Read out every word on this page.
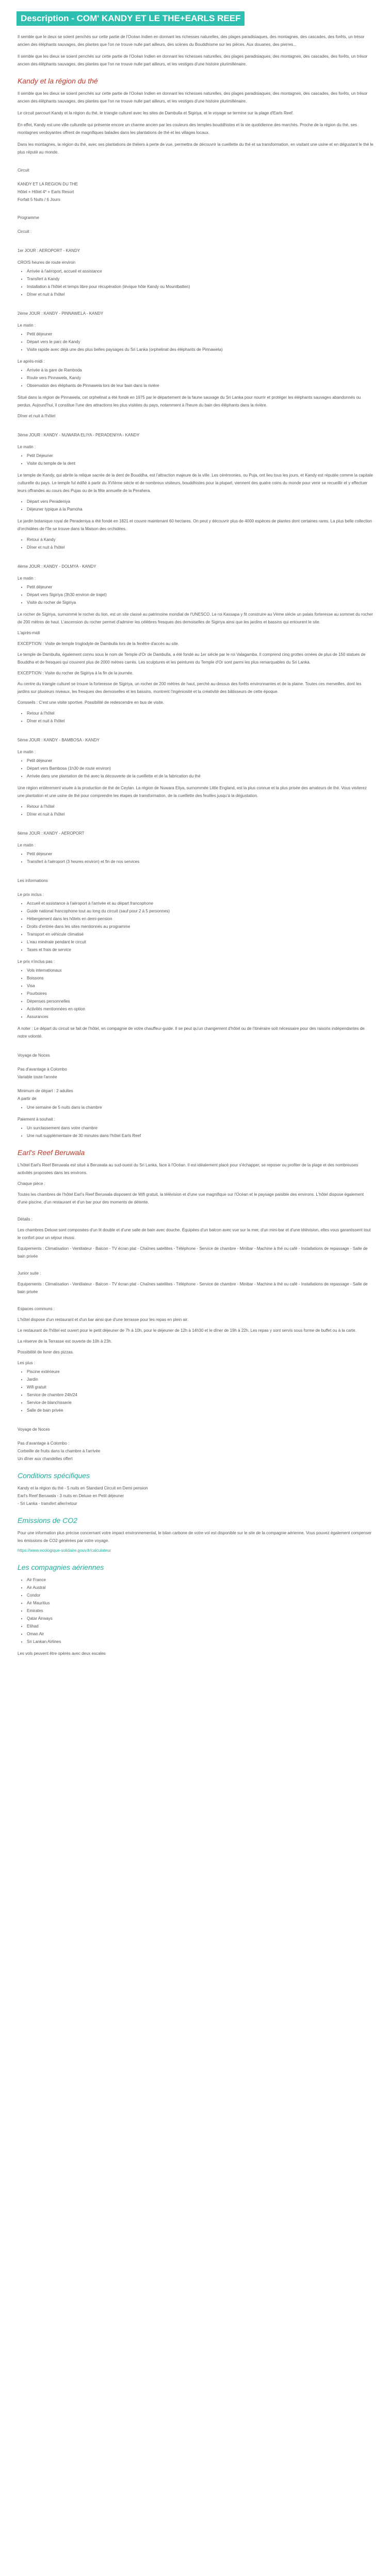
Description - COM' KANDY ET LE THE+EARLS REEF

Il semble que le deux se soient penchés sur cette partie de l'Océan Indien en donnant les richesses naturelles, des plages paradisiaques, des montagnes, des cascades, des forêts, un trésor ancien des éléphants sauvages, des plantes que l'on ne trouve nulle part ailleurs, des scènes du Bouddhisme sur les pièces. Aux douanes, des pierres...

Il semble que les dieux se soient penchés sur cette partie de l'Océan Indien en donnant les richesses naturelles, des plages paradisiaques, des montagnes, des cascades, des forêts, un trésor ancien des éléphants sauvages, des plantes que l'on ne trouve nulle part ailleurs, et les vestiges d'une histoire plurimillénaire.

Kandy et la région du thé

Il semble que les dieux se soient penchés sur cette partie de l'Océan Indien en donnant les richesses naturelles, des plages paradisiaques, des montagnes, des cascades, des forêts, un trésor ancien des éléphants sauvages, des plantes que l'on ne trouve nulle part ailleurs, et les vestiges d'une histoire plurimillénaire.

Le circuit parcourt Kandy et la région du thé, le triangle culturel avec les sites de Dambulla et Sigiriya, et le voyage se termine sur la plage d'Earls Reef.

En effet, Kandy est une ville culturelle qui présente encore un charme ancien par les couleurs des temples bouddhistes et la vie quotidienne des marchés. Proche de la région du thé, ses montagnes verdoyantes offrent de magnifiques balades dans les plantations de thé et les villages locaux.

Dans les montagnes, la région du thé, avec ses plantations de théiers à perte de vue, permettra de découvrir la cueillette du thé et sa transformation, en visitant une usine et en dégustant le thé le plus réputé au monde.

Circuit
KANDY ET LA REGION DU THE
Hôtel + Hôtel 4* + Earls Resort
Forfait 5 Nuits / 6 Jours
Programme
Circuit :
1er JOUR : AEROPORT - KANDY
CROIS heures de route environ
• Arrivée à l'aéroport, accueil et assistance
• Transfert à Kandy
• Installation à l'hôtel et temps libre pour récupération (lévique hôte Kandy ou Mountbatten)
• Dîner et nuit à l'hôtel
2ème JOUR : KANDY - PINNAWELA - KANDY
Le matin :
• Petit déjeuner
• Départ vers le parc de Kandy
• Visite rapide avec déjà une des plus belles paysages du Sri Lanka (orphelinat des éléphants de Pinnawela)
Le après-midi :
• Arrivée à la gare de Ramboda
• Route vers Pinnawela, Kandy
• Observation des éléphants de Pinnawela lors de leur bain dans la rivière

Situé dans la région de Pinnawela, cet orphelinat a été fondé en 1975 par le département de la faune sauvage du Sri Lanka pour nourrir et protéger les éléphants sauvages abandonnés ou perdus. Aujourd'hui, il constitue l'une des attractions les plus visitées du pays, notamment à l'heure du bain des éléphants dans la rivière.

Dîner et nuit à l'hôtel
3ème JOUR : KANDY - NUWARA ELIYA - PERADENIYA - KANDY
Le matin :
• Petit Déjeuner
• Visite du temple de la dent

Le temple de Kandy, qui abrite la relique sacrée de la dent de Bouddha, est l'attraction majeure de la ville. Les cérémonies, ou Puja, ont lieu tous les jours, et Kandy est réputée comme la capitale culturelle du pays. Le temple fut édifié à partir du XVIème siècle et de nombreux visiteurs, bouddhistes pour la plupart, viennent des quatre coins du monde pour venir se recueillir et y effectuer leurs offrandes au cours des Pujas ou de la fête annuelle de la Perahera.

• Départ vers Peradeniya
• Déjeuner typique à la Pamoha

Le jardin botanique royal de Peradeniya a été fondé en 1821 et couvre maintenant 60 hectares. On peut y découvrir plus de 4000 espèces de plantes dont certaines rares. La plus belle collection d'orchidées de l'île se trouve dans la Maison des orchidées.

• Retour à Kandy
• Dîner et nuit à l'hôtel
4ème JOUR : KANDY - DOLMYA - KANDY
Le matin :
• Petit déjeuner
• Départ vers Sigiriya (3h30 environ de trajet)
• Visite du rocher de Sigiriya

Le rocher de Sigiriya, surnommé le rocher du lion, est un site classé au patrimoine mondial de l'UNESCO. Le roi Kassapa y fit construire au Vème siècle un palais forteresse au sommet du rocher de 200 mètres de haut. L'ascension du rocher permet d'admirer les célèbres fresques des demoiselles de Sigiriya ainsi que les jardins et bassins qui entourent le site.

L'après-midi

EXCEPTION : Visite de temple troglodyte de Dambulla lors de la fenêtre d'accès au site.

Le temple de Dambulla, également connu sous le nom de Temple d'Or de Dambulla, a été fondé au 1er siècle par le roi Valagamba. Il comprend cinq grottes ornées de plus de 150 statues de Bouddha et de fresques qui couvrent plus de 2000 mètres carrés. Les sculptures et les peintures du Temple d'Or sont parmi les plus remarquables du Sri Lanka.

EXCEPTION : Visite du rocher de Sigiriya à la fin de la journée.

Au centre du triangle culturel se trouve la forteresse de Sigiriya, un rocher de 200 mètres de haut, perché au-dessus des forêts environnantes et de la plaine. Toutes ces merveilles, dont les jardins sur plusieurs niveaux, les fresques des demoiselles et les bassins, montrent l'ingéniosité et la créativité des bâtisseurs de cette époque.

Consseils : C'est une visite sportive. Possibilité de redescendre en bus de visite.

• Retour à l'hôtel
• Dîner et nuit à l'hôtel
5ème JOUR : KANDY - BAMBOSA - KANDY
Le matin :
• Petit déjeuner
• Départ vers Bambosa (1h30 de route environ)
• Arrivée dans une plantation de thé avec la découverte de la cueillette et de la fabrication du thé

Une région entièrement vouée à la production de thé de Ceylan. La région de Nuwara Eliya, surnommée Little England, est la plus connue et la plus prisée des amateurs de thé. Vous visiterez une plantation et une usine de thé pour comprendre les étapes de transformation, de la cueillette des feuilles jusqu'à la dégustation.

• Retour à l'hôtel
• Dîner et nuit à l'hôtel
6ème JOUR : KANDY - AEROPORT
Le matin :
• Petit déjeuner
• Transfert à l'aéroport (3 heures environ) et fin de nos services
Les informations
Le prix inclus :
• Accueil et assistance à l'aéroport à l'arrivée et au départ francophone
• Guide national francophone tout au long du circuit (sauf pour 2 à 5 personnes)
• Hébergement dans les hôtels en demi-pension
• Droits d'entrée dans les sites mentionnés au programme
• Transport en véhicule climatisé
• L'eau minérale pendant le circuit
• Taxes et frais de service
Le prix n'inclus pas :
• Vols internationaux
• Boissons
• Visa
• Pourboires
• Dépenses personnelles
• Activités mentionnées en option
• Assurances

A noter : Le départ du circuit se fait de l'hôtel, en compagnie de votre chauffeur-guide. Il se peut qu'un changement d'hôtel ou de l'itinéraire soit nécessaire pour des raisons indépendantes de notre volonté.

Voyage de Noces
Pas d'avantage à Colombo
Variable toute l'année
Minimum de départ : 2 adultes
A partir de
• Une semaine de 5 nuits dans la chambre
Paiement à souhait :
• Un surclassement dans votre chambre
• Une nuit supplémentaire de 30 minutes dans l'hôtel Earls Reef
Earl's Reef Beruwala

L'hôtel Earl's Reef Beruwala est situé à Beruwala au sud-ouest du Sri Lanka, face à l'Océan. Il est idéalement placé pour s'échapper, se reposer ou profiter de la plage et des nombreuses activités proposées dans les environs.

Chaque pièce :

Toutes les chambres de l'hôtel Earl's Reef Beruwala disposent de Wifi gratuit, la télévision et d'une vue magnifique sur l'Océan et le paysage paisible des environs. L'hôtel dispose également d'une piscine, d'un restaurant et d'un bar pour des moments de détente.

Détails :

Les chambres Deluxe sont composées d'un lit double et d'une salle de bain avec douche. Équipées d'un balcon avec vue sur la mer, d'un mini-bar et d'une télévision, elles vous garantissent tout le confort pour un séjour réussi.

Equipements : Climatisation - Ventilateur - Balcon - TV écran plat - Chaînes satellites - Téléphone - Service de chambre - Minibar - Machine à thé ou café - Installations de repassage - Salle de bain privée

Junior suite :

Equipements : Climatisation - Ventilateur - Balcon - TV écran plat - Chaînes satellites - Téléphone - Service de chambre - Minibar - Machine à thé ou café - Installations de repassage - Salle de bain privée

Espaces communs :

L'hôtel dispose d'un restaurant et d'un bar ainsi que d'une terrasse pour les repas en plein air.

Le restaurant de l'hôtel est ouvert pour le petit déjeuner de 7h à 10h, pour le déjeuner de 12h à 14h30 et le dîner de 19h à 22h. Les repas y sont servis sous forme de buffet ou à la carte.

La réserve de la Terrasse est ouverte de 10h à 23h.

Possibilité de livrer des pizzas.

Les plus :
• Piscine extérieure
• Jardin
• Wifi gratuit
• Service de chambre 24h/24
• Service de blanchisserie
• Salle de bain privée
Voyage de Noces
Pas d'avantage à Colombo :
Corbeille de fruits dans la chambre à l'arrivée
Un dîner aux chandelles offert
Conditions spécifiques
Kandy et la région du thé - 5 nuits en Standard Circuit en Demi pension
Earl's Reef Beruwala - 3 nuits en Deluxe en Petit déjeuner
- Sri Lanka - transfert aller/retour
Emissions de CO2

Pour une information plus précise concernant votre impact environnemental, le bilan carbone de votre vol est disponible sur le site de la compagnie aérienne. Vous pouvez également compenser les émissions de CO2 générées par votre voyage.

https://www.ecologique-solidaire.gouv.fr/calculateur
Les compagnies aériennes
• Air France
• Air Austral
• Condor
• Air Mauritius
• Emirates
• Qatar Airways
• Etihad
• Oman Air
• Sri Lankan Airlines
Les vols peuvent être opérés avec deux escales
